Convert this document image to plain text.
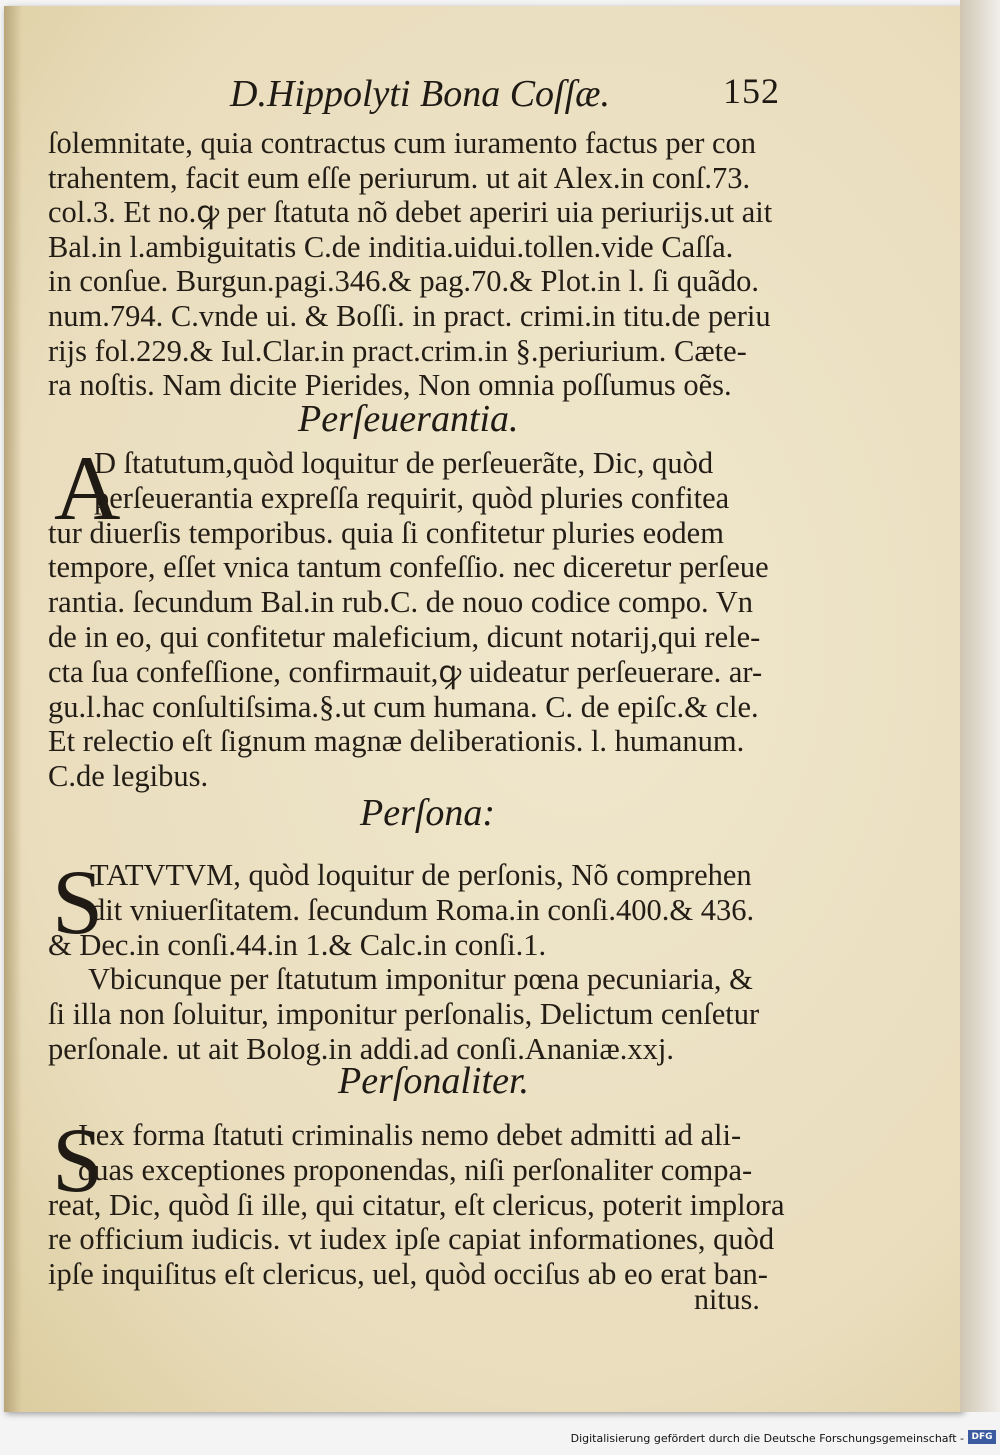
D.Hippolyti Bona Coſſæ.	152
ſolemnitate, quia contractus cum iuramento factus per con
trahentem, facit eum eſſe periurum. ut ait Alex.in conſ.73.
col.3. Et no.ꝙ per ſtatuta nõ debet aperiri uia periurijs.ut ait
Bal.in l.ambiguitatis C.de inditia.uidui.tollen.vide Caſſa.
in conſue. Burgun.pagi.346.& pag.70.& Plot.in l. ſi quãdo.
num.794. C.vnde ui. & Boſſi. in pract. crimi.in titu.de periu
rijs fol.229.& Iul.Clar.in pract.crim.in §.periurium. Cæte-
ra noſtis. Nam dicite Pierides, Non omnia poſſumus oẽs.
Perſeuerantia.
A
D ſtatutum,quòd loquitur de perſeuerãte, Dic, quòd
perſeuerantia expreſſa requirit, quòd pluries confitea
tur diuerſis temporibus. quia ſi confitetur pluries eodem
tempore, eſſet vnica tantum confeſſio. nec diceretur perſeue
rantia. ſecundum Bal.in rub.C. de nouo codice compo. Vn
de in eo, qui confitetur maleficium, dicunt notarij,qui rele-
cta ſua confeſſione, confirmauit,ꝙ uideatur perſeuerare. ar-
gu.l.hac conſultiſsima.§.ut cum humana. C. de epiſc.& cle.
Et relectio eſt ſignum magnæ deliberationis. l. humanum.
C.de legibus.
Perſona:
S
TATVTVM, quòd loquitur de perſonis, Nõ comprehen
dit vniuerſitatem. ſecundum Roma.in conſi.400.& 436.
& Dec.in conſi.44.in 1.& Calc.in conſi.1.
Vbicunque per ſtatutum imponitur pœna pecuniaria, &
ſi illa non ſoluitur, imponitur perſonalis, Delictum cenſetur
perſonale. ut ait Bolog.in addi.ad conſi.Ananiæ.xxj.
Perſonaliter.
S
I ex forma ſtatuti criminalis nemo debet admitti ad ali-
quas exceptiones proponendas, niſi perſonaliter compa-
reat, Dic, quòd ſi ille, qui citatur, eſt clericus, poterit implora
re officium iudicis. vt iudex ipſe capiat informationes, quòd
ipſe inquiſitus eſt clericus, uel, quòd occiſus ab eo erat ban-
nitus.
Digitalisierung gefördert durch die Deutsche Forschungsgemeinschaft - DFG
